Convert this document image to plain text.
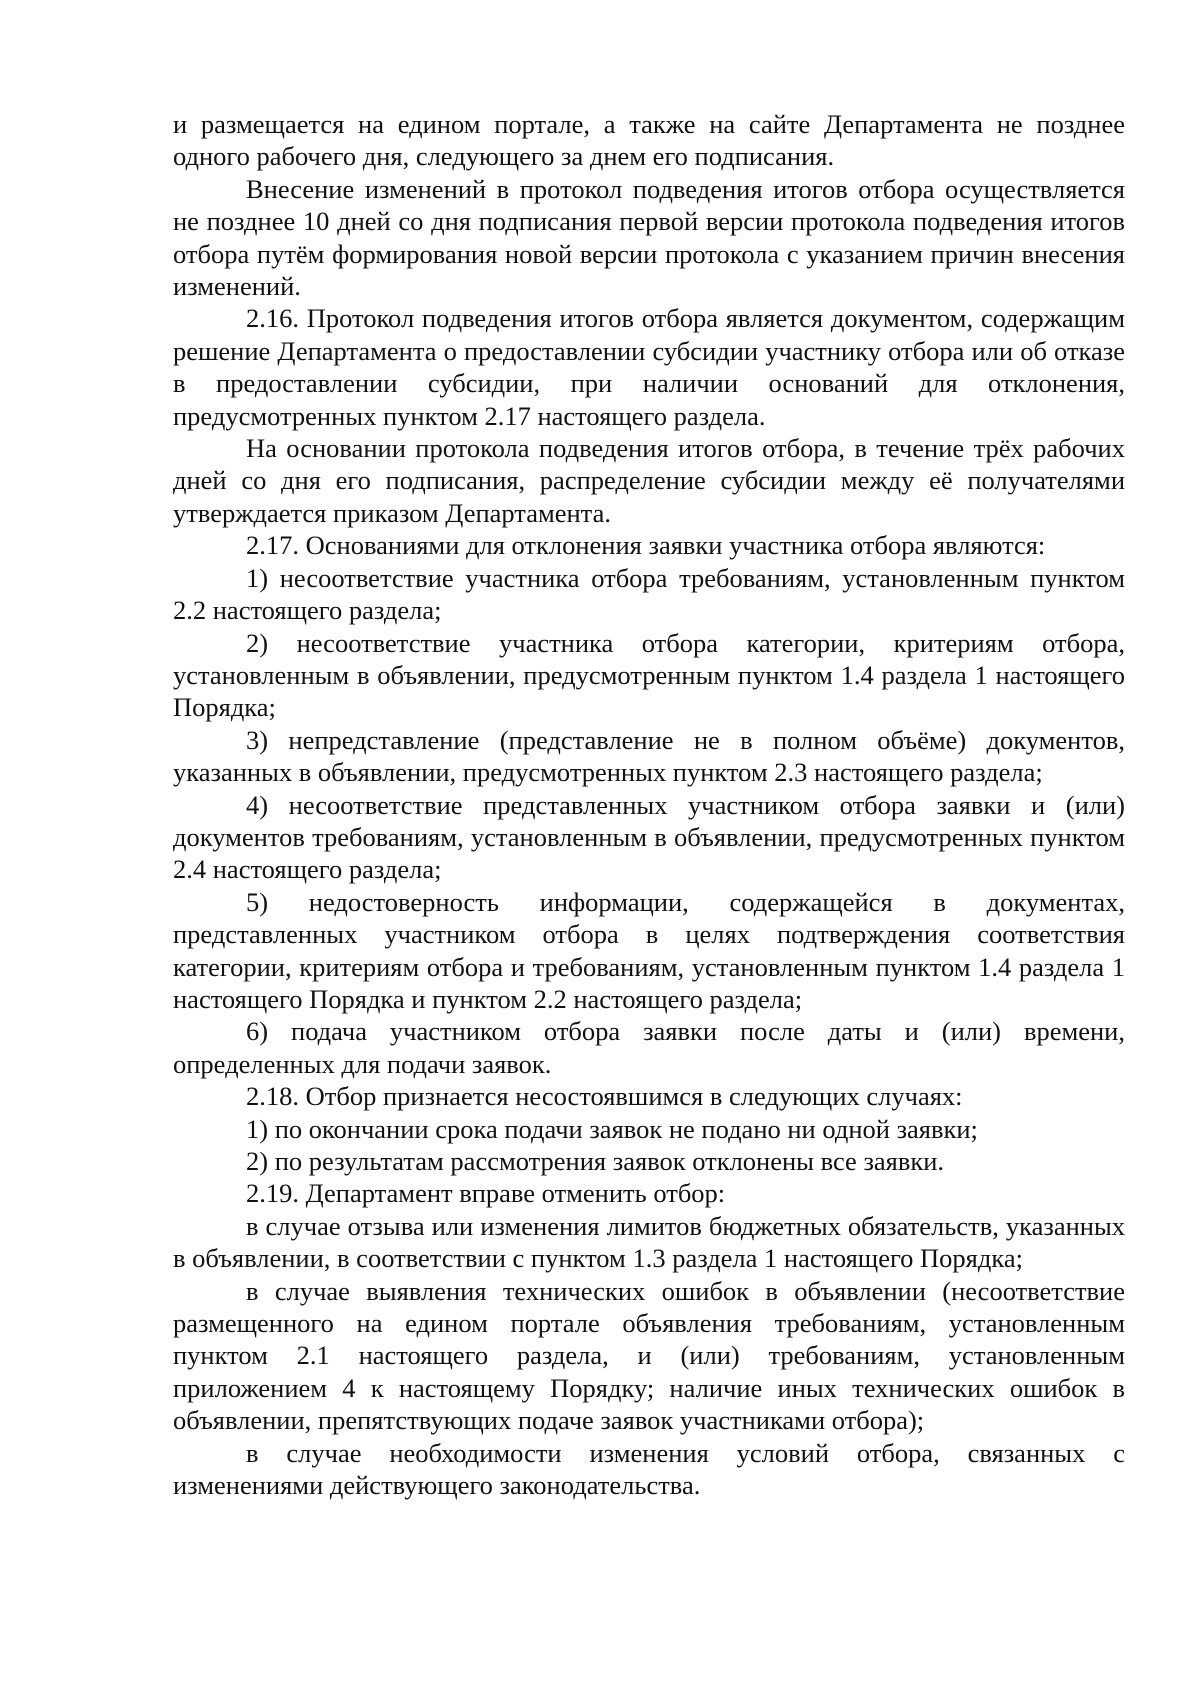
и размещается на едином портале, а также на сайте Департамента не позднее одного рабочего дня, следующего за днем его подписания.

Внесение изменений в протокол подведения итогов отбора осуществляется не позднее 10 дней со дня подписания первой версии протокола подведения итогов отбора путём формирования новой версии протокола с указанием причин внесения изменений.

2.16. Протокол подведения итогов отбора является документом, содержащим решение Департамента о предоставлении субсидии участнику отбора или об отказе в предоставлении субсидии, при наличии оснований для отклонения, предусмотренных пунктом 2.17 настоящего раздела.

На основании протокола подведения итогов отбора, в течение трёх рабочих дней со дня его подписания, распределение субсидии между её получателями утверждается приказом Департамента.

2.17. Основаниями для отклонения заявки участника отбора являются:

1) несоответствие участника отбора требованиям, установленным пунктом 2.2 настоящего раздела;

2) несоответствие участника отбора категории, критериям отбора, установленным в объявлении, предусмотренным пунктом 1.4 раздела 1 настоящего Порядка;

3) непредставление (представление не в полном объёме) документов, указанных в объявлении, предусмотренных пунктом 2.3 настоящего раздела;

4) несоответствие представленных участником отбора заявки и (или) документов требованиям, установленным в объявлении, предусмотренных пунктом 2.4 настоящего раздела;

5) недостоверность информации, содержащейся в документах, представленных участником отбора в целях подтверждения соответствия категории, критериям отбора и требованиям, установленным пунктом 1.4 раздела 1 настоящего Порядка и пунктом 2.2 настоящего раздела;

6) подача участником отбора заявки после даты и (или) времени, определенных для подачи заявок.

2.18. Отбор признается несостоявшимся в следующих случаях:

1) по окончании срока подачи заявок не подано ни одной заявки;

2) по результатам рассмотрения заявок отклонены все заявки.

2.19. Департамент вправе отменить отбор:

в случае отзыва или изменения лимитов бюджетных обязательств, указанных в объявлении, в соответствии с пунктом 1.3 раздела 1 настоящего Порядка;

в случае выявления технических ошибок в объявлении (несоответствие размещенного на едином портале объявления требованиям, установленным пунктом 2.1 настоящего раздела, и (или) требованиям, установленным приложением 4 к настоящему Порядку; наличие иных технических ошибок в объявлении, препятствующих подаче заявок участниками отбора);

в случае необходимости изменения условий отбора, связанных с изменениями действующего законодательства.
